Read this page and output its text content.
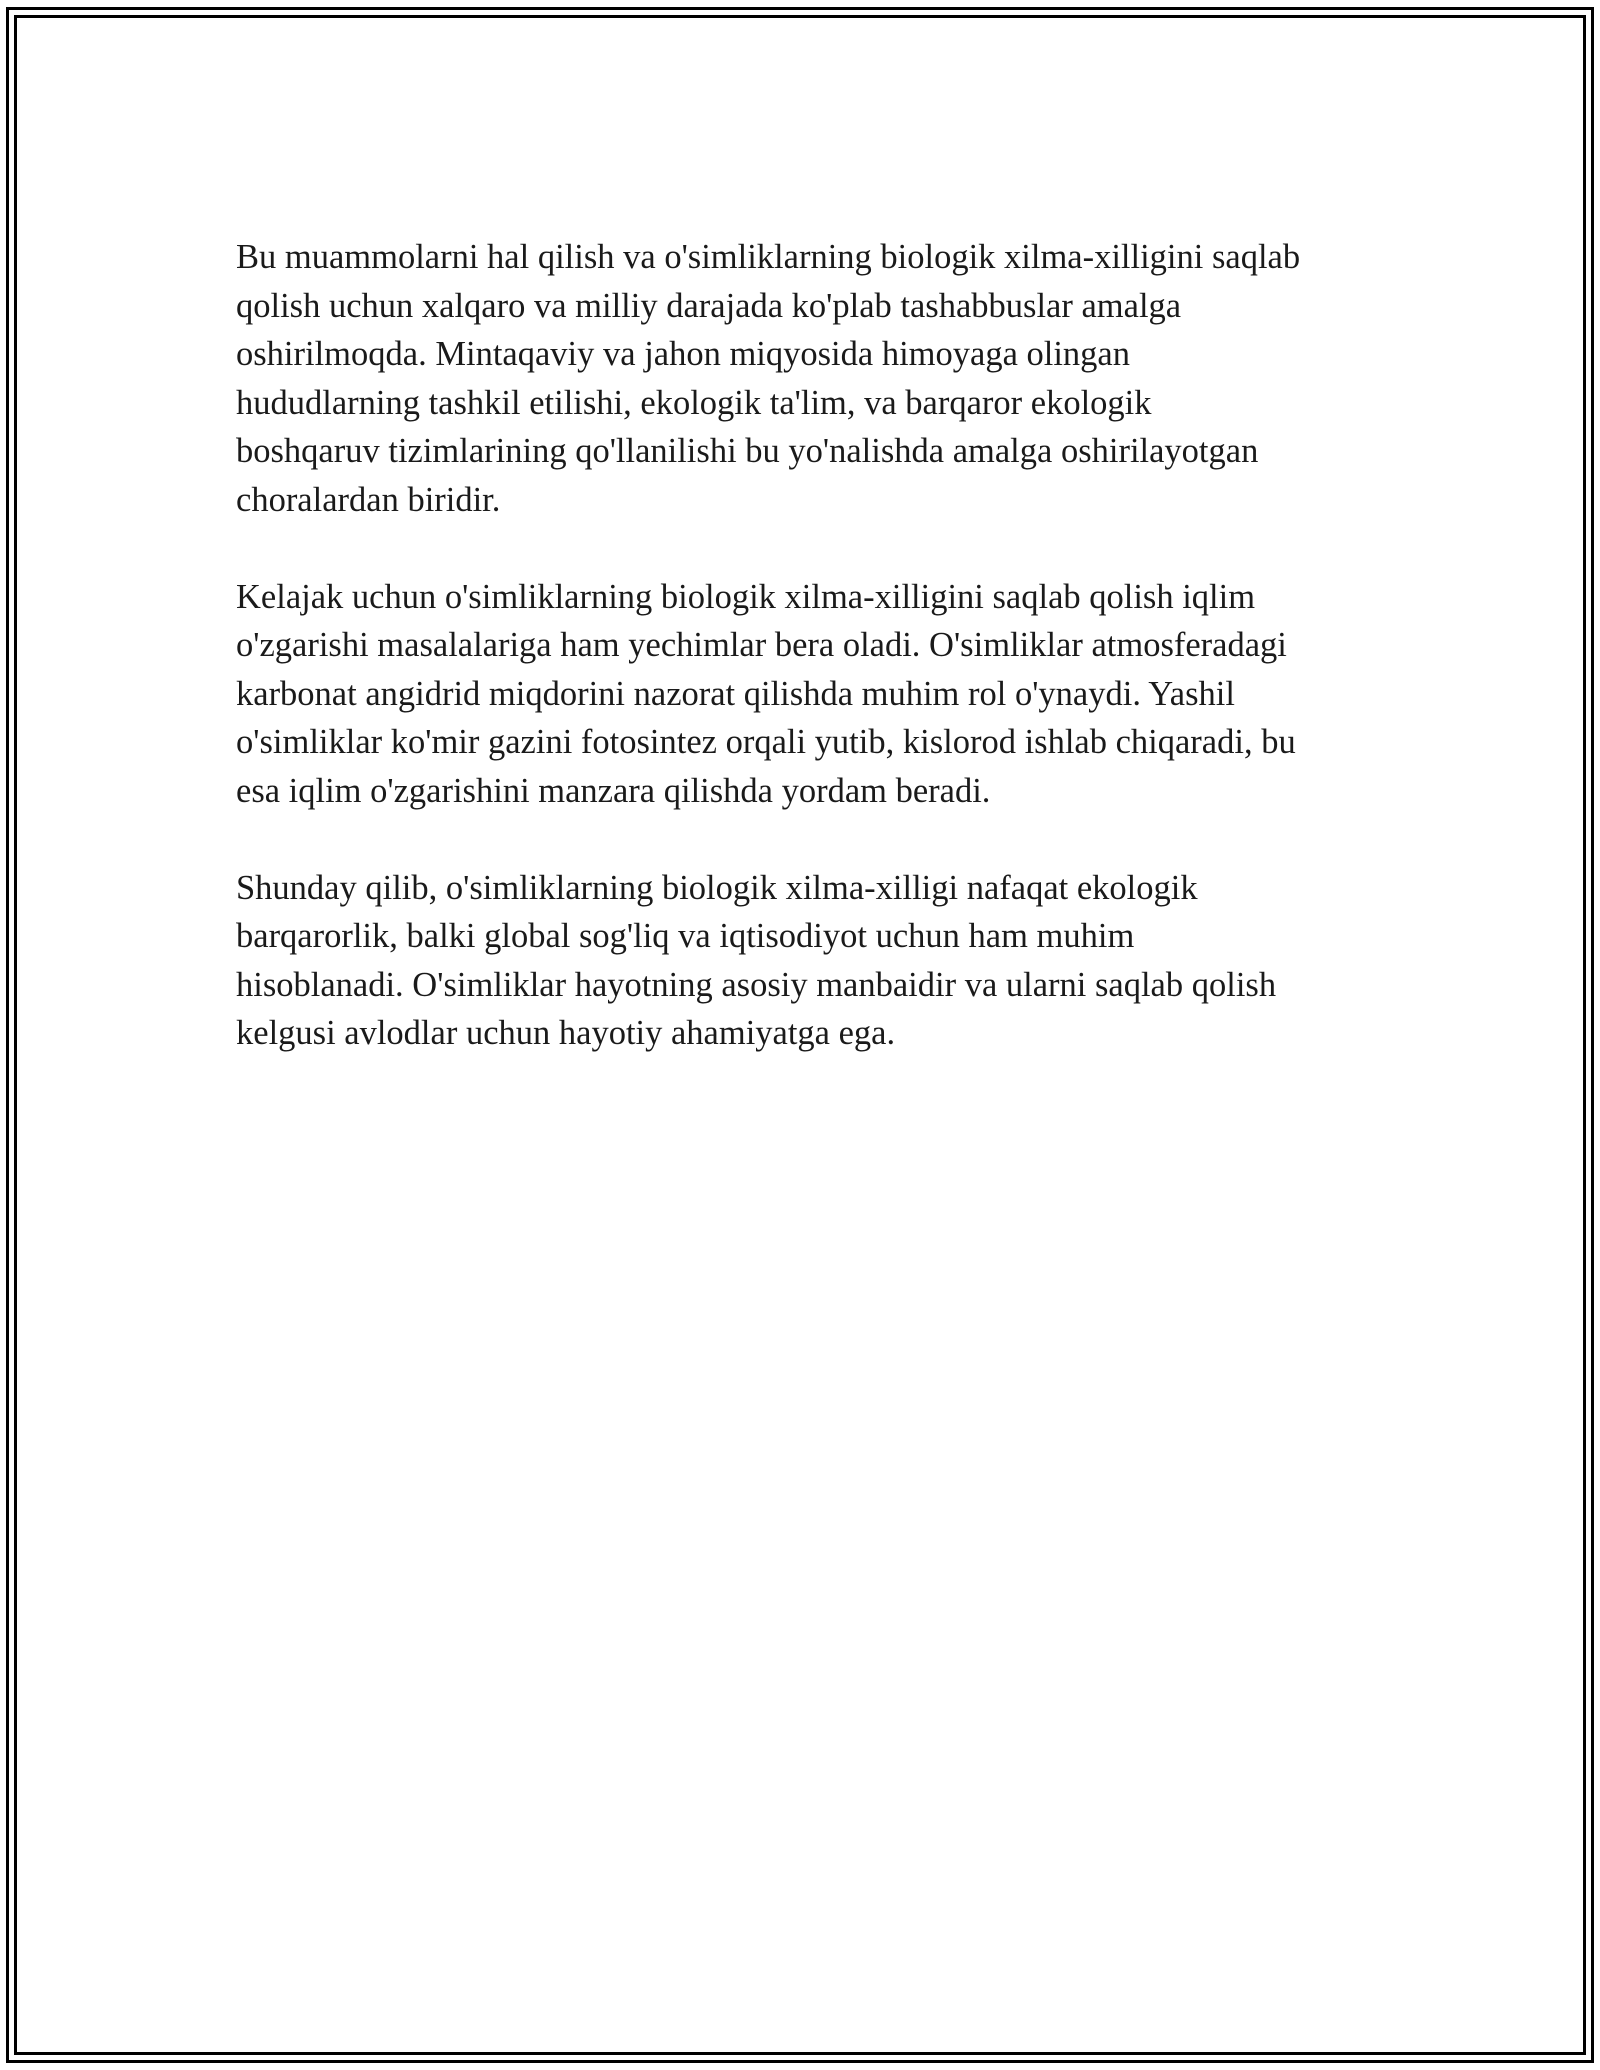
Bu muammolarni hal qilish va o'simliklarning biologik xilma-xilligini saqlab
qolish uchun xalqaro va milliy darajada ko'plab tashabbuslar amalga
oshirilmoqda. Mintaqaviy va jahon miqyosida himoyaga olingan
hududlarning tashkil etilishi, ekologik ta'lim, va barqaror ekologik
boshqaruv tizimlarining qo'llanilishi bu yo'nalishda amalga oshirilayotgan
choralardan biridir.

Kelajak uchun o'simliklarning biologik xilma-xilligini saqlab qolish iqlim
o'zgarishi masalalariga ham yechimlar bera oladi. O'simliklar atmosferadagi
karbonat angidrid miqdorini nazorat qilishda muhim rol o'ynaydi. Yashil
o'simliklar ko'mir gazini fotosintez orqali yutib, kislorod ishlab chiqaradi, bu
esa iqlim o'zgarishini manzara qilishda yordam beradi.

Shunday qilib, o'simliklarning biologik xilma-xilligi nafaqat ekologik
barqarorlik, balki global sog'liq va iqtisodiyot uchun ham muhim
hisoblanadi. O'simliklar hayotning asosiy manbaidir va ularni saqlab qolish
kelgusi avlodlar uchun hayotiy ahamiyatga ega.
